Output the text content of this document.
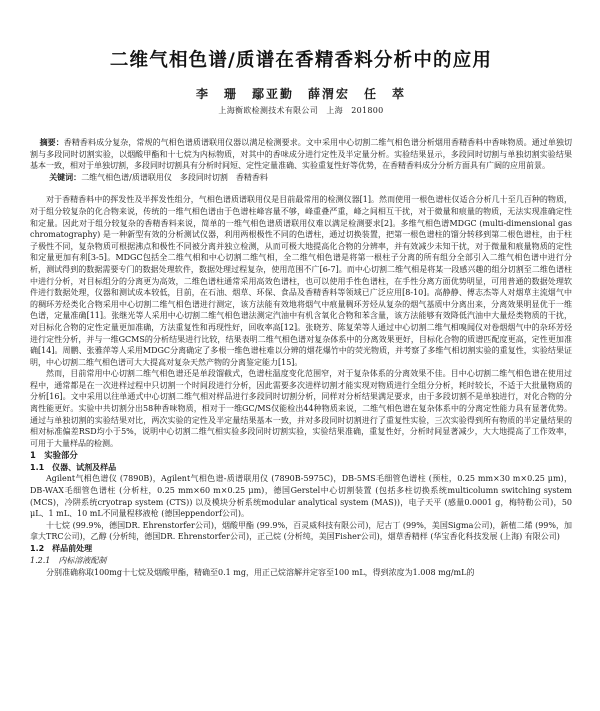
二维气相色谱/质谱在香精香料分析中的应用
李　珊　鄢亚勤　薛渭宏　任　萃
上海衡欧检测技术有限公司　上海　201800

摘要：香精香料成分复杂，常规的气相色谱质谱联用仪器以满足检测要求。文中采用中心切割二维气相色谱分析烟用香精香料中香味物质。通过单独切割与多段同时切割实验，以烟酸甲酯和十七烷为内标物质，对其中的香味成分进行定性及半定量分析。实验结果显示，多段同时切割与单独切割实验结果基本一致，相对于单独切割，多段同时切割具有分析时间短、定性定量准确、实验重复性好等优势，在香精香料成分分析方面具有广阔的应用前景。

关键词：二维气相色谱/质谱联用仪　多段同时切割　香精香料

对于香精香料中的挥发性及半挥发性组分，气相色谱质谱联用仪是目前最常用的检测仪器[1]。然而使用一根色谱柱仅适合分析几十至几百种的物质，对于组分较复杂的化合物来说，传统的一维气相色谱由于色谱柱峰容量不够，峰重叠严重，峰之间相互干扰，对于微量和痕量的物质，无法实现准确定性和定量。因此对于组分较复杂的香精香料来说，简单的一维气相色谱质谱联用仪难以满足检测要求[2]。多维气相色谱MDGC (multi-dimensional gas chromatography) 是一种新型有效的分析测试仪器，利用两根极性不同的色谱柱，通过切换装置，把第一根色谱柱的馏分转移到第二根色谱柱，由于柱子极性不同，复杂物质可根据沸点和极性不同被分离并独立检测，从而可极大地提高化合物的分辨率，并有效减少未知干扰，对于微量和痕量物质的定性和定量更加有利[3-5]。MDGC包括全二维气相和中心切割二维气相，全二维气相色谱是将第一根柱子分离的所有组分全部引入二维气相色谱中进行分析，测试得到的数据需要专门的数据处理软件，数据处理过程复杂，使用范围不广[6-7]。而中心切割二维气相是将某一段感兴趣的组分切割至二维色谱柱中进行分析，对目标组分的分离更为高效，二维色谱柱通常采用高效色谱柱，也可以使用手性色谱柱，在手性分离方面优势明显，可用普通的数据处理软件进行数据处理，仪器和测试成本较低，目前，在石油、烟草、环保、食品及香精香料等领域已广泛应用[8-10]。高静静、傅志杰等人对烟草主流烟气中的稠环芳烃类化合物采用中心切割二维气相色谱进行测定，该方法能有效地将烟气中痕量稠环芳烃从复杂的烟气基质中分离出来，分离效果明显优于一维色谱，定量准确[11]。张继光等人采用中心切割二维气相色谱法测定汽油中有机含氧化合物和苯含量，该方法能够有效降低汽油中大量烃类物质的干扰，对目标化合物的定性定量更加准确，方法重复性和再现性好，回收率高[12]。张晓芳、陈复荣等人通过中心切割二维气相嗅闻仪对卷烟烟气中的杂环芳烃进行定性分析，并与一维GCMS的分析结果进行比较，结果表明二维气相色谱对复杂体系中的分离效果更好，目标化合物的质谱匹配度更高，定性更加准确[14]。周鹏、张雅萍等人采用MDGC分离确定了多根一维色谱柱难以分辨的烟花爆竹中的荧光物质，并考察了多维气相切割实验的重复性，实验结果证明，中心切割二维气相色谱可大大提高对复杂天然产物的分离鉴定能力[15]。

然而，目前常用中心切割二维气相色谱还是单段馏截式，色谱柱温度变化范围窄，对于复杂体系的分离效果不佳。目中心切割二维气相色谱在使用过程中，通常都是在一次进样过程中只切割一个时间段进行分析，因此需要多次进样切割才能实现对物质进行全组分分析，耗时较长，不适于大批量物质的分析[16]。文中采用以往单通式中心切割二维气相对样品进行多段同时切割分析，同样对分析结果满足要求，由于多段切割不是单独进行，对化合物的分离性能更好。实验中共切割分出58种香味物质，相对于一维GC/MS仅能检出44种物质来说，二维气相色谱在复杂体系中的分离定性能力具有显著优势。通过与单独切割的实验结果对比，两次实验的定性及半定量结果基本一致，并对多段同时切割进行了重复性实验，三次实验得到所有物质的半定量结果的相对标准偏差RSD均小于5%，说明中心切割二维气相实验多段同时切割实验，实验结果准确，重复性好，分析时间显著减少，大大地提高了工作效率，可用于大量样品的检测。

1　实验部分
1.1　仪器、试剂及样品

Agilent气相色谱仪 (7890B)，Agilent气相色谱-质谱联用仪 (7890B-5975C)，DB-5MS毛细管色谱柱 (预柱，0.25 mm×30 m×0.25 μm)，DB-WAX毛细管色谱柱 (分析柱，0.25 mm×60 m×0.25 μm)，德国Gerstel中心切割装置 (包括多柱切换系统multicolumn switching system (MCS)，冷阱系统cryotrap system (CTS)) 以及模块分析系统modular analytical system (MAS))，电子天平 (感量0.0001 g，梅特勒公司)，50 μL、1 mL、10 mL不同量程移液枪 (德国eppendorf公司)。

十七烷 (99.9%，德国DR. Ehrenstorfer公司)，烟酸甲酯 (99.9%，百灵威科技有限公司)，尼古丁 (99%，美国Sigma公司)，新植二烯 (99%，加拿大TRC公司)，乙醇 (分析纯，德国DR. Ehrenstorfer公司)，正己烷 (分析纯，美国Fisher公司)，烟草香精样 (华宝香化科技发展 (上海) 有限公司)

1.2　样品前处理
1.2.1　内标溶液配制

分别准确称取100mg十七烷及烟酸甲酯，精确至0.1 mg，用正己烷溶解并定容至100 mL，得到浓度为1.008 mg/mL的
